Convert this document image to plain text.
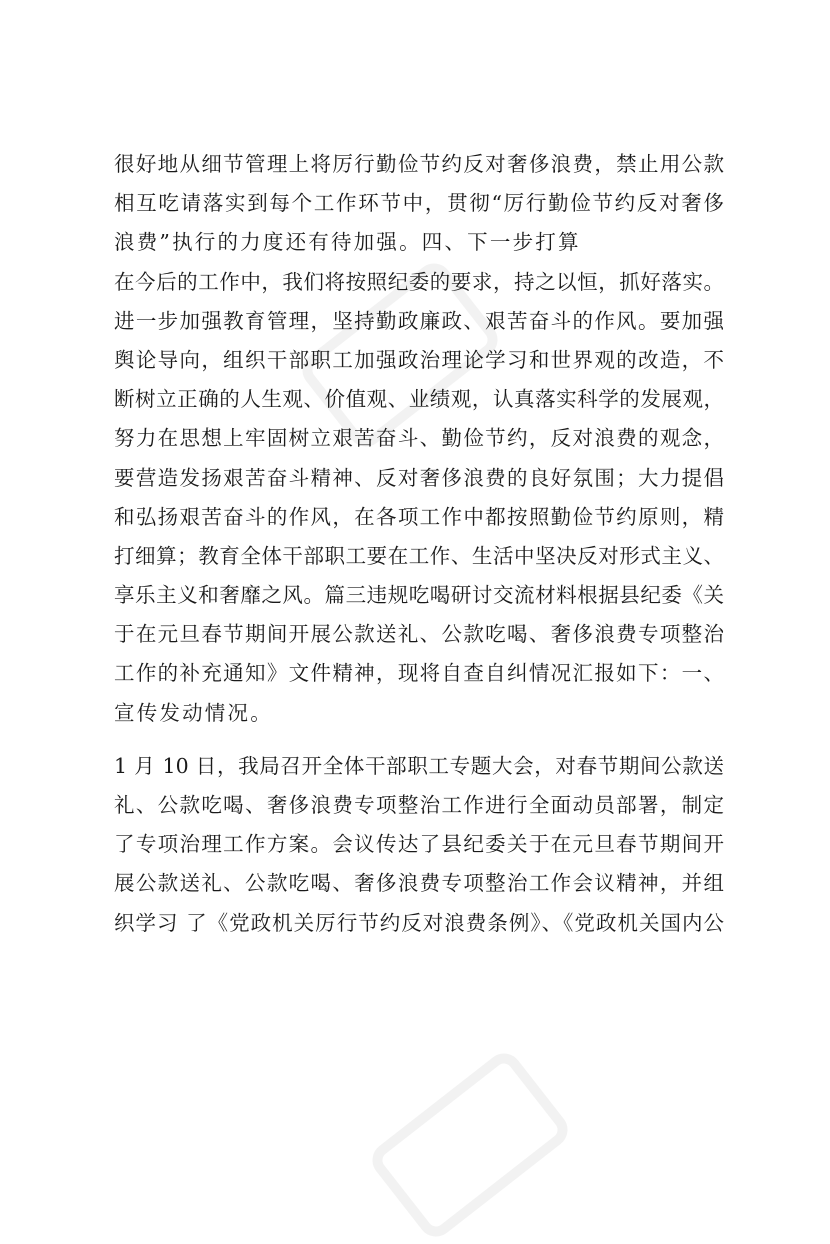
很好地从细节管理上将厉行勤俭节约反对奢侈浪费，禁止用公款
相互吃请落实到每个工作环节中，贯彻“厉行勤俭节约反对奢侈
浪费”执行的力度还有待加强。四、下一步打算
在今后的工作中，我们将按照纪委的要求，持之以恒，抓好落实。
进一步加强教育管理，坚持勤政廉政、艰苦奋斗的作风。要加强
舆论导向，组织干部职工加强政治理论学习和世界观的改造，不
断树立正确的人生观、价值观、业绩观，认真落实科学的发展观，
努力在思想上牢固树立艰苦奋斗、勤俭节约，反对浪费的观念，
要营造发扬艰苦奋斗精神、反对奢侈浪费的良好氛围；大力提倡
和弘扬艰苦奋斗的作风，在各项工作中都按照勤俭节约原则，精
打细算；教育全体干部职工要在工作、生活中坚决反对形式主义、
享乐主义和奢靡之风。篇三违规吃喝研讨交流材料根据县纪委《关
于在元旦春节期间开展公款送礼、公款吃喝、奢侈浪费专项整治
工作的补充通知》文件精神，现将自查自纠情况汇报如下：一、
宣传发动情况。
1 月 10 日，我局召开全体干部职工专题大会，对春节期间公款送
礼、公款吃喝、奢侈浪费专项整治工作进行全面动员部署，制定
了专项治理工作方案。会议传达了县纪委关于在元旦春节期间开
展公款送礼、公款吃喝、奢侈浪费专项整治工作会议精神，并组
织学习 了《党政机关厉行节约反对浪费条例》、《党政机关国内公
